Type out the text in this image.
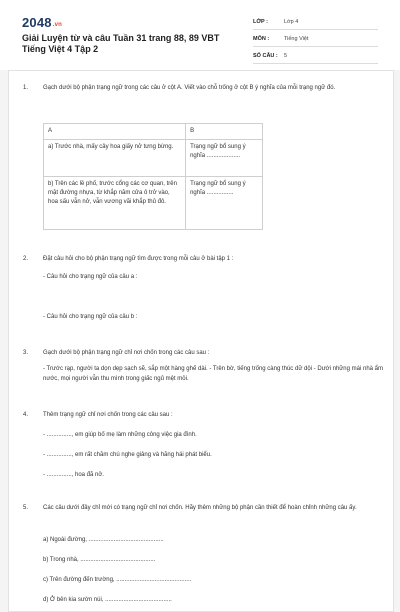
2048.vn
Giải Luyện từ và câu Tuần 31 trang 88, 89 VBT Tiếng Việt 4 Tập 2
LỚP :	Lớp 4
MÔN :	Tiếng Việt
SỐ CÂU :	5
1. Gạch dưới bộ phận trạng ngữ trong các câu ở cột A. Viết vào chỗ trống ở cột B ý nghĩa của mỗi trạng ngữ đó.
A	B
a) Trước nhà, mấy cây hoa giấy nở tưng bừng.	Trạng ngữ bổ sung ý nghĩa ....................
b) Trên các lề phố, trước cổng các cơ quan, trên mặt đường nhựa, từ khắp năm cửa ô trở vào, hoa sấu vẫn nở, vẫn vương vãi khắp thủ đô.	Trạng ngữ bổ sung ý nghĩa ................
2. Đặt câu hỏi cho bộ phận trạng ngữ tìm được trong mỗi câu ở bài tập 1 :
- Câu hỏi cho trạng ngữ của câu a :
- Câu hỏi cho trạng ngữ của câu b :
3. Gạch dưới bộ phận trạng ngữ chỉ nơi chốn trong các câu sau :
- Trước rạp, người ta dọn dẹp sạch sẽ, sắp một hàng ghế dài. - Trên bờ, tiếng trống càng thúc dữ dội - Dưới những mái nhà ẩm nước, mọi người vẫn thu mình trong giấc ngủ mệt mỏi.
4. Thêm trạng ngữ chỉ nơi chốn trong các câu sau :
- ..............., em giúp bố mẹ làm những công việc gia đình.
- ..............., em rất chăm chú nghe giảng và hăng hái phát biểu.
- ..............., hoa đã nở.
5. Các câu dưới đây chỉ mới có trạng ngữ chỉ nơi chốn. Hãy thêm những bộ phận cần thiết để hoàn chỉnh những câu ấy.
a) Ngoài đường, .............................................
b) Trong nhà, .............................................
c) Trên đường đến trường, .............................................
d) Ở bên kia sườn núi, ........................................
